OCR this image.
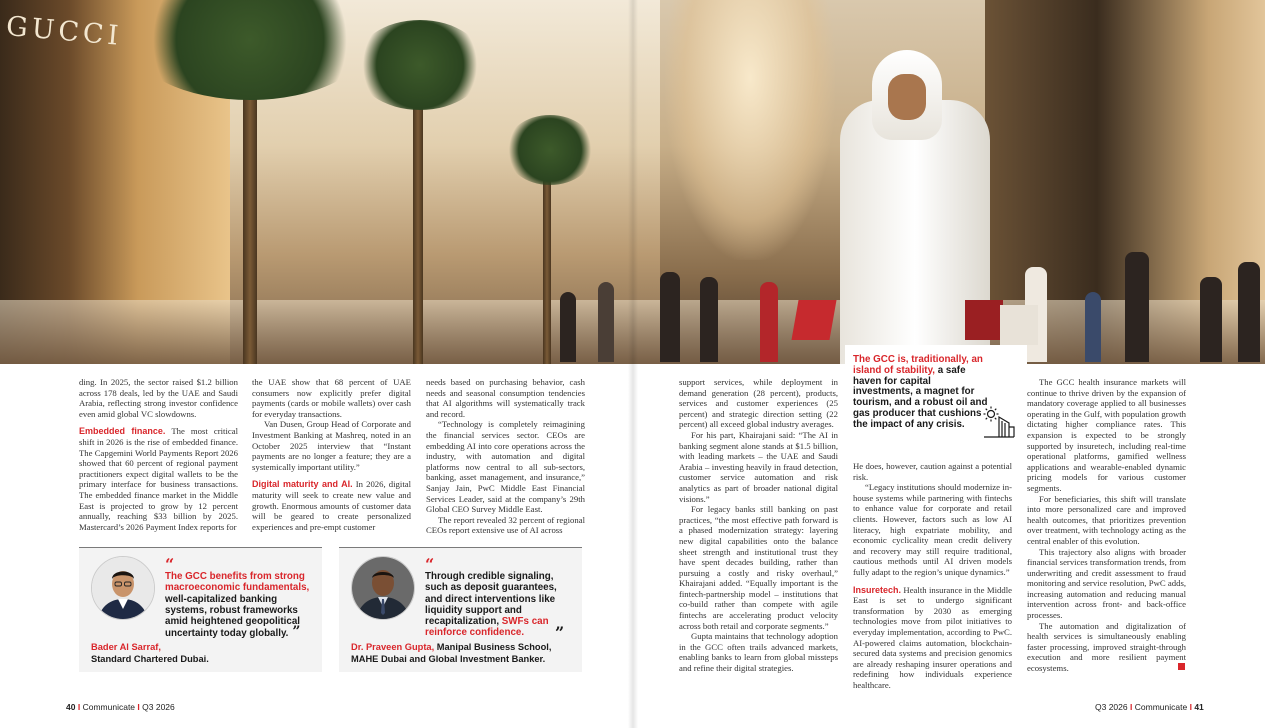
GUCCI

ding. In 2025, the sector raised $1.2 billion across 178 deals, led by the UAE and Saudi Arabia, reflecting strong investor confidence even amid global VC slowdowns.

Embedded finance. The most critical shift in 2026 is the rise of embedded finance. The Capgemini World Payments Report 2026 showed that 60 percent of regional payment practitioners expect digital wallets to be the primary interface for business transactions. The embedded finance market in the Middle East is projected to grow by 12 percent annually, reaching $33 billion by 2025. Mastercard’s 2026 Payment Index reports for

the UAE show that 68 percent of UAE consumers now explicitly prefer digital payments (cards or mobile wallets) over cash for everyday transactions.

Van Dusen, Group Head of Corporate and Investment Banking at Mashreq, noted in an October 2025 interview that “Instant payments are no longer a feature; they are a systemically important utility.”

Digital maturity and AI. In 2026, digital maturity will seek to create new value and growth. Enormous amounts of customer data will be geared to create personalized experiences and pre-empt customer

needs based on purchasing behavior, cash needs and seasonal consumption tendencies that AI algorithms will systematically track and record.

“Technology is completely reimagining the financial services sector. CEOs are embedding AI into core operations across the industry, with automation and digital platforms now central to all sub-sectors, banking, asset management, and insurance,” Sanjay Jain, PwC Middle East Financial Services Leader, said at the company’s 29th Global CEO Survey Middle East.

The report revealed 32 percent of regional CEOs report extensive use of AI across

“
The GCC benefits from strong macroeconomic fundamentals, well-capitalized banking systems, robust frameworks amid heightened geopolitical uncertainty today globally. ”
Bader Al Sarraf,
Standard Chartered Dubai.
“
Through credible signaling, such as deposit guarantees, and direct interventions like liquidity support and recapitalization, SWFs can reinforce confidence.	”
Dr. Praveen Gupta, Manipal Business School, MAHE Dubai and Global Investment Banker.
40 I Communicate I Q3 2026

support services, while deployment in demand generation (28 percent), products, services and customer experiences (25 percent) and strategic direction setting (22 percent) all exceed global industry averages.

For his part, Khairajani said: “The AI in banking segment alone stands at $1.5 billion, with leading markets – the UAE and Saudi Arabia – investing heavily in fraud detection, customer service automation and risk analytics as part of broader national digital visions.”

For legacy banks still banking on past practices, “the most effective path forward is a phased modernization strategy: layering new digital capabilities onto the balance sheet strength and institutional trust they have spent decades building, rather than pursuing a costly and risky overhaul,” Khairajani added. “Equally important is the fintech-partnership model – institutions that co-build rather than compete with agile fintechs are accelerating product velocity across both retail and corporate segments.”

Gupta maintains that technology adoption in the GCC often trails advanced markets, enabling banks to learn from global missteps and refine their digital strategies.

The GCC is, traditionally, an island of stability, a safe haven for capital investments, a magnet for tourism, and a robust oil and gas producer that cushions the impact of any crisis.

He does, however, caution against a potential risk.

“Legacy institutions should modernize in-house systems while partnering with fintechs to enhance value for corporate and retail clients. However, factors such as low AI literacy, high expatriate mobility, and economic cyclicality mean credit delivery and recovery may still require traditional, cautious methods until AI driven models fully adapt to the region’s unique dynamics.”

Insuretech. Health insurance in the Middle East is set to undergo significant transformation by 2030 as emerging technologies move from pilot initiatives to everyday implementation, according to PwC. AI-powered claims automation, blockchain-secured data systems and precision genomics are already reshaping insurer operations and redefining how individuals experience healthcare.

The GCC health insurance markets will continue to thrive driven by the expansion of mandatory coverage applied to all businesses operating in the Gulf, with population growth dictating higher compliance rates. This expansion is expected to be strongly supported by insuretech, including real-time operational platforms, gamified wellness applications and wearable-enabled dynamic pricing models for various customer segments.

For beneficiaries, this shift will translate into more personalized care and improved health outcomes, that prioritizes prevention over treatment, with technology acting as the central enabler of this evolution.

This trajectory also aligns with broader financial services transformation trends, from underwriting and credit assessment to fraud monitoring and service resolution, PwC adds, increasing automation and reducing manual intervention across front- and back-office processes.

The automation and digitalization of health services is simultaneously enabling faster processing, improved straight-through execution and more resilient payment ecosystems.

Q3 2026 I Communicate I 41
